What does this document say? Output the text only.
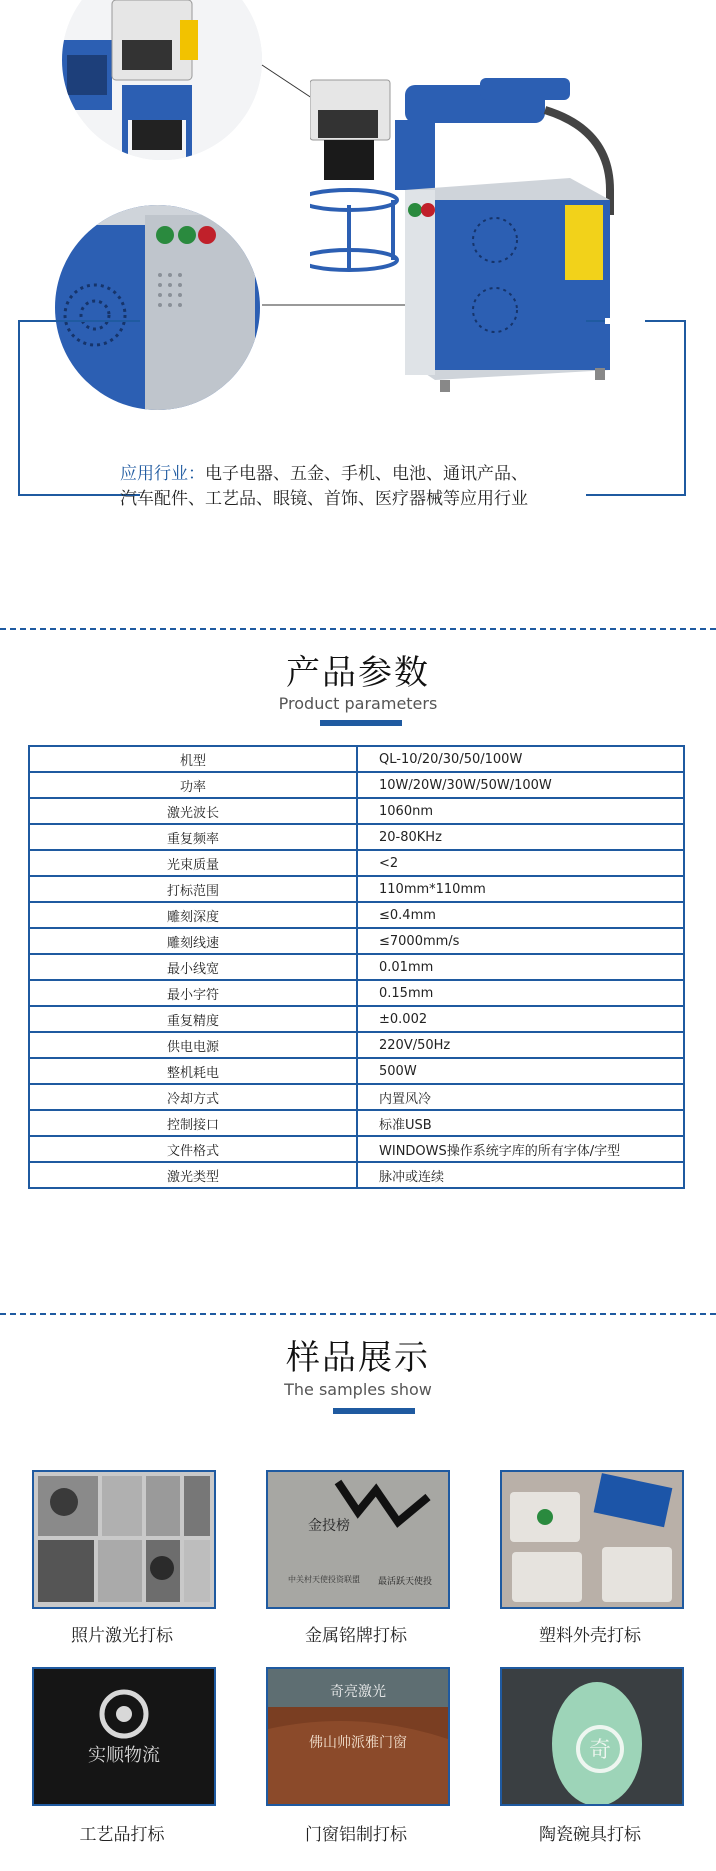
应用行业：电子电器、五金、手机、电池、通讯产品、
汽车配件、工艺品、眼镜、首饰、医疗器械等应用行业
产品参数
Product parameters
机型	QL-10/20/30/50/100W
功率	10W/20W/30W/50W/100W
激光波长	1060nm
重复频率	20-80KHz
光束质量	<2
打标范围	110mm*110mm
雕刻深度	≤0.4mm
雕刻线速	≤7000mm/s
最小线宽	0.01mm
最小字符	0.15mm
重复精度	±0.002
供电电源	220V/50Hz
整机耗电	500W
冷却方式	内置风冷
控制接口	标准USB
文件格式	WINDOWS操作系统字库的所有字体/字型
激光类型	脉冲或连续
样品展示
The samples show
照片激光打标
金投榜
中关村天使投资联盟 最活跃天使投
金属铭牌打标	塑料外壳打标
实顺物流
工艺品打标
奇亮激光
佛山帅派雅门窗
门窗铝制打标
奇
陶瓷碗具打标
